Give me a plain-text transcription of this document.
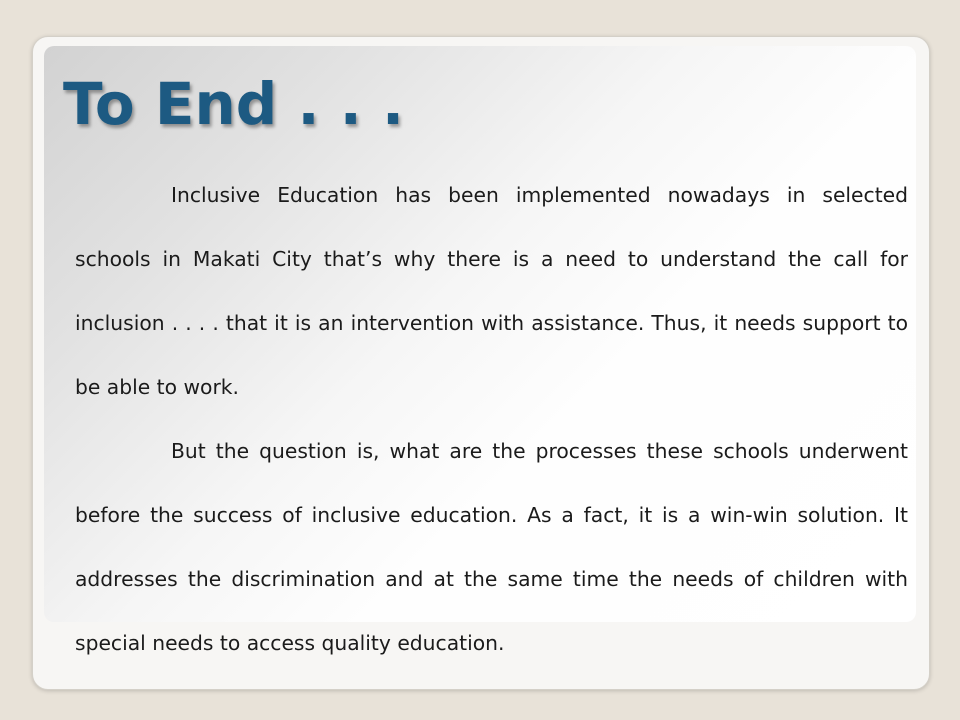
To End . . .

Inclusive Education has been implemented nowadays in selected schools in Makati City that’s why there is a need to understand the call for inclusion . . . . that it is an intervention with assistance. Thus, it needs support to be able to work.

But the question is, what are the processes these schools underwent before the success of inclusive education. As a fact, it is a win-win solution. It addresses the discrimination and at the same time the needs of children with special needs to access quality education.
